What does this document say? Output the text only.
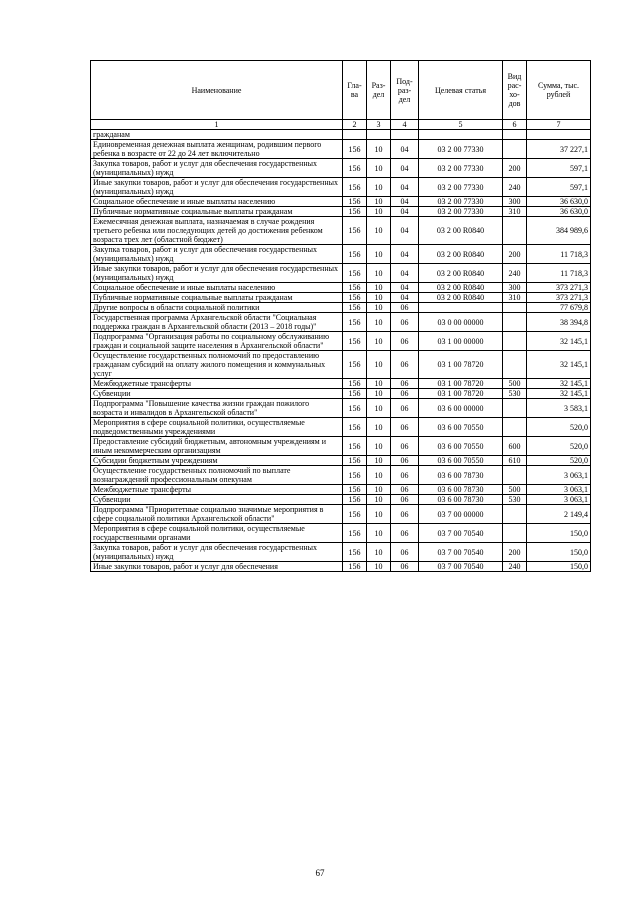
Наименование	Гла-ва	Раз-дел	Под-раз-дел	Целевая статья	Вид рас-хо-дов	Сумма, тыс. рублей
1	2	3	4	5	6	7
гражданам						
Единовременная денежная выплата женщинам, родившим первого ребенка в возрасте от 22 до 24 лет включительно	156	10	04	03 2 00 77330		37 227,1
Закупка товаров, работ и услуг для обеспечения государственных (муниципальных) нужд	156	10	04	03 2 00 77330	200	597,1
Иные закупки товаров, работ и услуг для обеспечения государственных (муниципальных) нужд	156	10	04	03 2 00 77330	240	597,1
Социальное обеспечение и иные выплаты населению	156	10	04	03 2 00 77330	300	36 630,0
Публичные нормативные социальные выплаты гражданам	156	10	04	03 2 00 77330	310	36 630,0
Ежемесячная денежная выплата, назначаемая в случае рождения третьего ребенка или последующих детей до достижения ребенком возраста трех лет (областной бюджет)	156	10	04	03 2 00 R0840		384 989,6
Закупка товаров, работ и услуг для обеспечения государственных (муниципальных) нужд	156	10	04	03 2 00 R0840	200	11 718,3
Иные закупки товаров, работ и услуг для обеспечения государственных (муниципальных) нужд	156	10	04	03 2 00 R0840	240	11 718,3
Социальное обеспечение и иные выплаты населению	156	10	04	03 2 00 R0840	300	373 271,3
Публичные нормативные социальные выплаты гражданам	156	10	04	03 2 00 R0840	310	373 271,3
Другие вопросы в области социальной политики	156	10	06			77 679,8
Государственная программа Архангельской области "Социальная поддержка граждан в Архангельской области (2013 – 2018 годы)"	156	10	06	03 0 00 00000		38 394,8
Подпрограмма "Организация работы по социальному обслуживанию граждан и социальной защите населения в Архангельской области"	156	10	06	03 1 00 00000		32 145,1
Осуществление государственных полномочий по предоставлению гражданам субсидий на оплату жилого помещения и коммунальных услуг	156	10	06	03 1 00 78720		32 145,1
Межбюджетные трансферты	156	10	06	03 1 00 78720	500	32 145,1
Субвенции	156	10	06	03 1 00 78720	530	32 145,1
Подпрограмма "Повышение качества жизни граждан пожилого возраста и инвалидов в Архангельской области"	156	10	06	03 6 00 00000		3 583,1
Мероприятия в сфере социальной политики, осуществляемые подведомственными учреждениями	156	10	06	03 6 00 70550		520,0
Предоставление субсидий бюджетным, автономным учреждениям и иным некоммерческим организациям	156	10	06	03 6 00 70550	600	520,0
Субсидии бюджетным учреждениям	156	10	06	03 6 00 70550	610	520,0
Осуществление государственных полномочий по выплате вознаграждений профессиональным опекунам	156	10	06	03 6 00 78730		3 063,1
Межбюджетные трансферты	156	10	06	03 6 00 78730	500	3 063,1
Субвенции	156	10	06	03 6 00 78730	530	3 063,1
Подпрограмма "Приоритетные социально значимые мероприятия в сфере социальной политики Архангельской области"	156	10	06	03 7 00 00000		2 149,4
Мероприятия в сфере социальной политики, осуществляемые государственными органами	156	10	06	03 7 00 70540		150,0
Закупка товаров, работ и услуг для обеспечения государственных (муниципальных) нужд	156	10	06	03 7 00 70540	200	150,0
Иные закупки товаров, работ и услуг для обеспечения	156	10	06	03 7 00 70540	240	150,0
67
